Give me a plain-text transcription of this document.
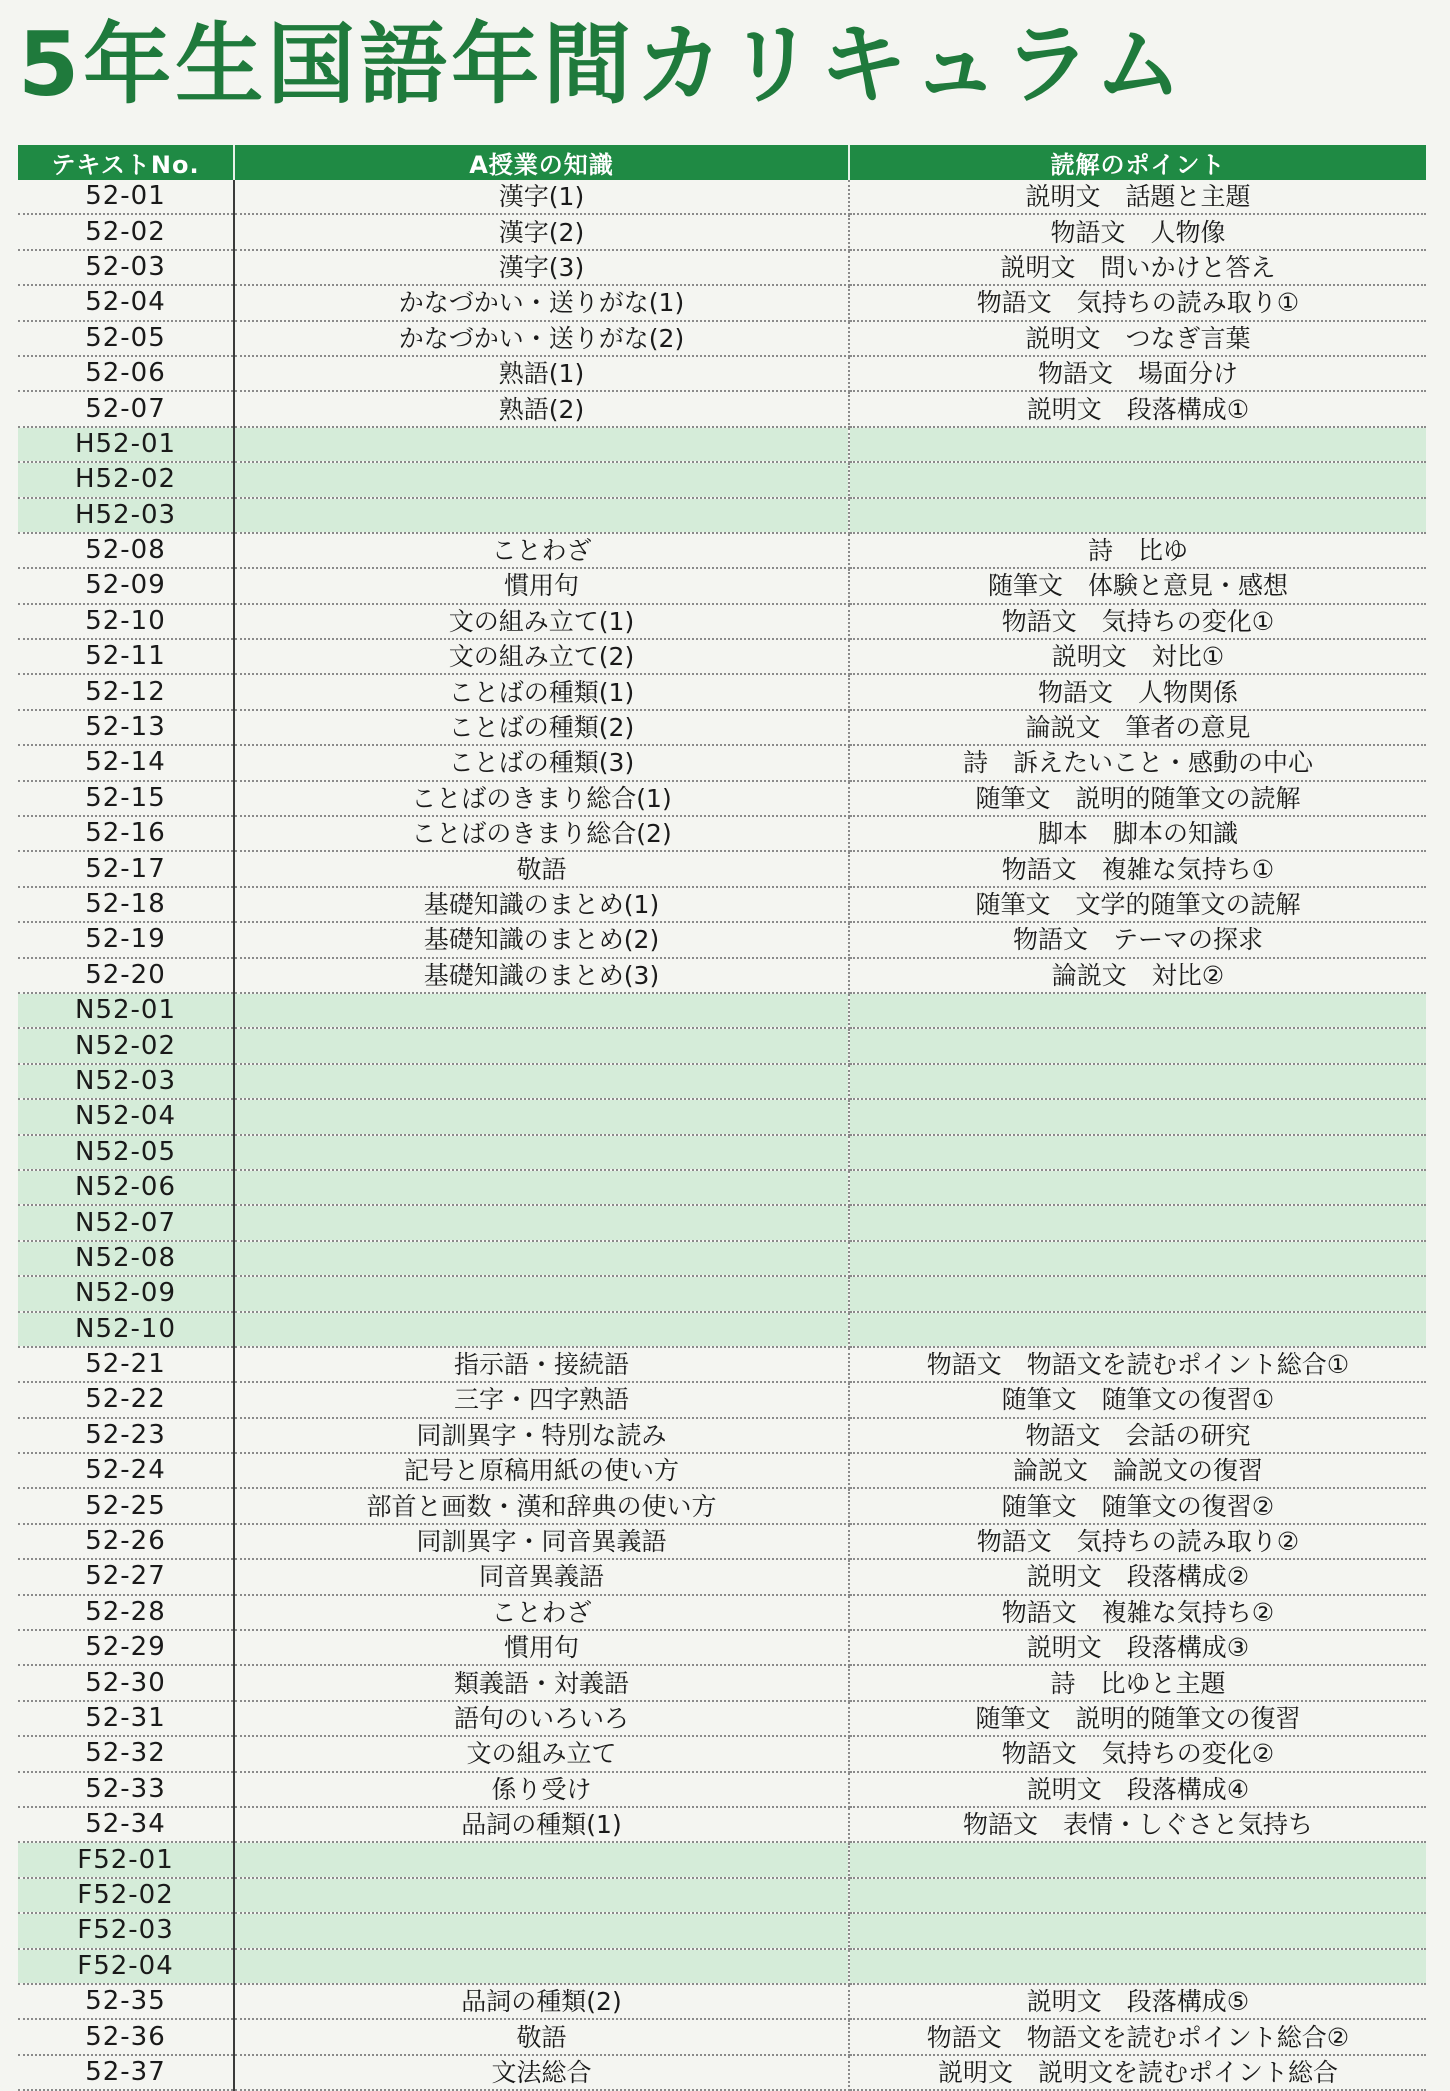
5年生国語年間カリキュラム
テキストNo.	A授業の知識	読解のポイント
52-01	漢字(1)	説明文　話題と主題
52-02	漢字(2)	物語文　人物像
52-03	漢字(3)	説明文　問いかけと答え
52-04	かなづかい・送りがな(1)	物語文　気持ちの読み取り①
52-05	かなづかい・送りがな(2)	説明文　つなぎ言葉
52-06	熟語(1)	物語文　場面分け
52-07	熟語(2)	説明文　段落構成①
H52-01		
H52-02		
H52-03		
52-08	ことわざ	詩　比ゆ
52-09	慣用句	随筆文　体験と意見・感想
52-10	文の組み立て(1)	物語文　気持ちの変化①
52-11	文の組み立て(2)	説明文　対比①
52-12	ことばの種類(1)	物語文　人物関係
52-13	ことばの種類(2)	論説文　筆者の意見
52-14	ことばの種類(3)	詩　訴えたいこと・感動の中心
52-15	ことばのきまり総合(1)	随筆文　説明的随筆文の読解
52-16	ことばのきまり総合(2)	脚本　脚本の知識
52-17	敬語	物語文　複雑な気持ち①
52-18	基礎知識のまとめ(1)	随筆文　文学的随筆文の読解
52-19	基礎知識のまとめ(2)	物語文　テーマの探求
52-20	基礎知識のまとめ(3)	論説文　対比②
N52-01		
N52-02		
N52-03		
N52-04		
N52-05		
N52-06		
N52-07		
N52-08		
N52-09		
N52-10		
52-21	指示語・接続語	物語文　物語文を読むポイント総合①
52-22	三字・四字熟語	随筆文　随筆文の復習①
52-23	同訓異字・特別な読み	物語文　会話の研究
52-24	記号と原稿用紙の使い方	論説文　論説文の復習
52-25	部首と画数・漢和辞典の使い方	随筆文　随筆文の復習②
52-26	同訓異字・同音異義語	物語文　気持ちの読み取り②
52-27	同音異義語	説明文　段落構成②
52-28	ことわざ	物語文　複雑な気持ち②
52-29	慣用句	説明文　段落構成③
52-30	類義語・対義語	詩　比ゆと主題
52-31	語句のいろいろ	随筆文　説明的随筆文の復習
52-32	文の組み立て	物語文　気持ちの変化②
52-33	係り受け	説明文　段落構成④
52-34	品詞の種類(1)	物語文　表情・しぐさと気持ち
F52-01		
F52-02		
F52-03		
F52-04		
52-35	品詞の種類(2)	説明文　段落構成⑤
52-36	敬語	物語文　物語文を読むポイント総合②
52-37	文法総合	説明文　説明文を読むポイント総合
